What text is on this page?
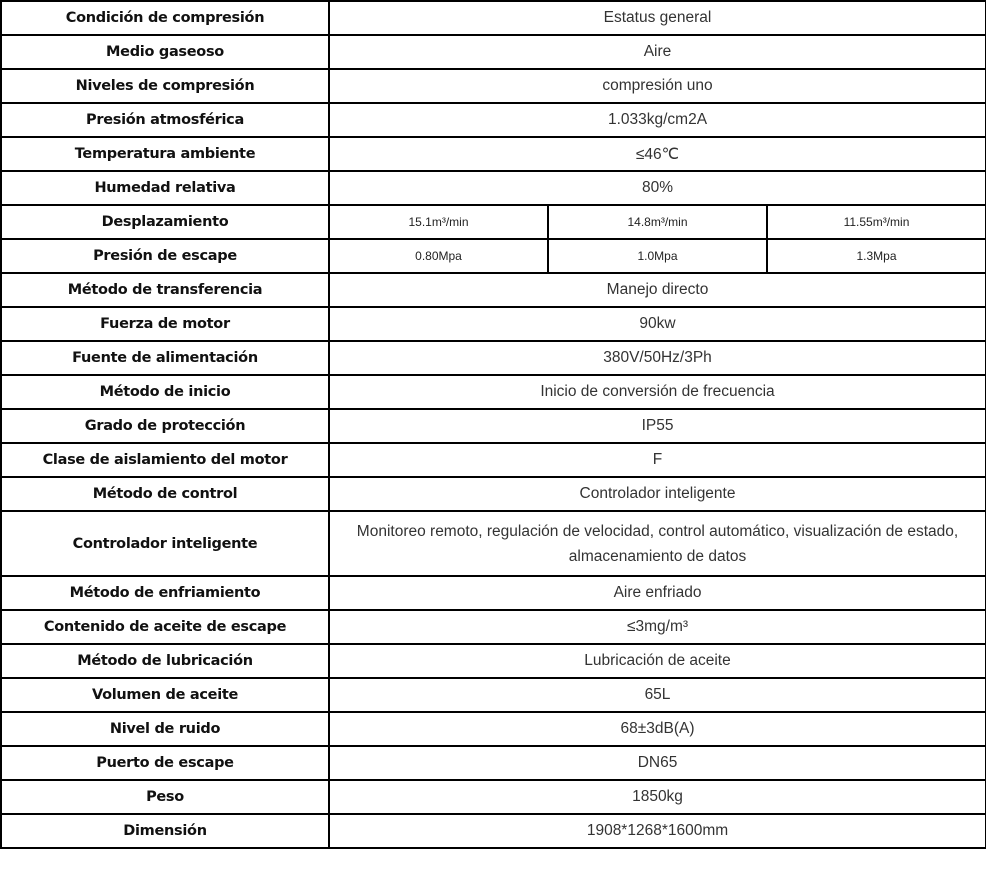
Condición de compresión	Estatus general		
Medio gaseoso	Aire		
Niveles de compresión	compresión uno		
Presión atmosférica	1.033kg/cm2A		
Temperatura ambiente	≤46℃		
Humedad relativa	80%		
Desplazamiento	15.1m³/min	14.8m³/min	11.55m³/min
Presión de escape	0.80Mpa	1.0Mpa	1.3Mpa
Método de transferencia	Manejo directo		
Fuerza de motor	90kw		
Fuente de alimentación	380V/50Hz/3Ph		
Método de inicio	Inicio de conversión de frecuencia		
Grado de protección	IP55		
Clase de aislamiento del motor	F		
Método de control	Controlador inteligente		
Controlador inteligente	Monitoreo remoto, regulación de velocidad, control automático, visualización de estado, almacenamiento de datos		
Método de enfriamiento	Aire enfriado		
Contenido de aceite de escape	≤3mg/m³		
Método de lubricación	Lubricación de aceite		
Volumen de aceite	65L		
Nivel de ruido	68±3dB(A)		
Puerto de escape	DN65		
Peso	1850kg		
Dimensión	1908*1268*1600mm		
